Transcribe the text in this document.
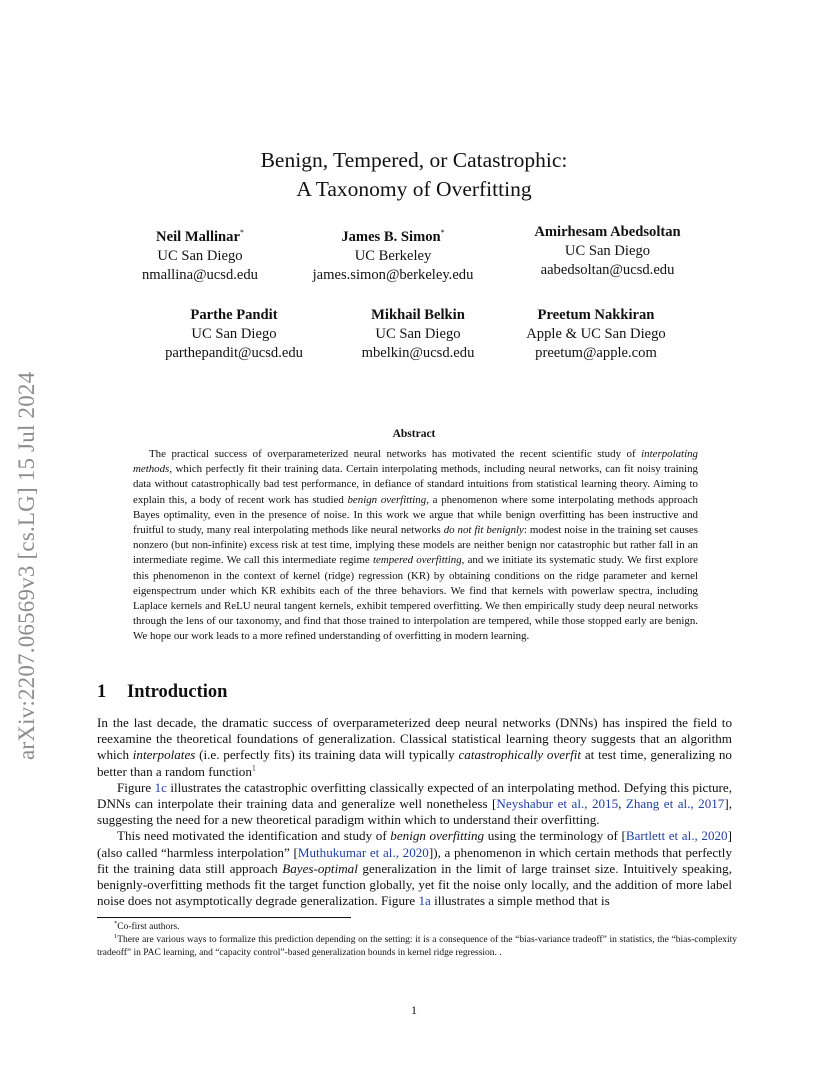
arXiv:2207.06569v3 [cs.LG] 15 Jul 2024
Benign, Tempered, or Catastrophic:
A Taxonomy of Overfitting
Neil Mallinar*
UC San Diego
nmallina@ucsd.edu
James B. Simon*
UC Berkeley
james.simon@berkeley.edu
Amirhesam Abedsoltan
UC San Diego
aabedsoltan@ucsd.edu
Parthe Pandit
UC San Diego
parthepandit@ucsd.edu
Mikhail Belkin
UC San Diego
mbelkin@ucsd.edu
Preetum Nakkiran
Apple & UC San Diego
preetum@apple.com
Abstract

The practical success of overparameterized neural networks has motivated the recent scientific study of interpolating methods, which perfectly fit their training data. Certain interpolating methods, including neural networks, can fit noisy training data without catastrophically bad test performance, in defiance of standard intuitions from statistical learning theory. Aiming to explain this, a body of recent work has studied benign overfitting, a phenomenon where some interpolating methods approach Bayes optimality, even in the presence of noise. In this work we argue that while benign overfitting has been instructive and fruitful to study, many real interpolating methods like neural networks do not fit benignly: modest noise in the training set causes nonzero (but non-infinite) excess risk at test time, implying these models are neither benign nor catastrophic but rather fall in an intermediate regime. We call this intermediate regime tempered overfitting, and we initiate its systematic study. We first explore this phenomenon in the context of kernel (ridge) regression (KR) by obtaining conditions on the ridge parameter and kernel eigenspectrum under which KR exhibits each of the three behaviors. We find that kernels with powerlaw spectra, including Laplace kernels and ReLU neural tangent kernels, exhibit tempered overfitting. We then empirically study deep neural networks through the lens of our taxonomy, and find that those trained to interpolation are tempered, while those stopped early are benign. We hope our work leads to a more refined understanding of overfitting in modern learning.

1 Introduction

In the last decade, the dramatic success of overparameterized deep neural networks (DNNs) has inspired the field to reexamine the theoretical foundations of generalization. Classical statistical learning theory suggests that an algorithm which interpolates (i.e. perfectly fits) its training data will typically catastrophically overfit at test time, generalizing no better than a random function$^1$

Figure 1c illustrates the catastrophic overfitting classically expected of an interpolating method. Defying this picture, DNNs can interpolate their training data and generalize well nonetheless [Neyshabur et al., 2015, Zhang et al., 2017], suggesting the need for a new theoretical paradigm within which to understand their overfitting.

This need motivated the identification and study of benign overfitting using the terminology of [Bartlett et al., 2020] (also called “harmless interpolation” [Muthukumar et al., 2020]), a phenomenon in which certain methods that perfectly fit the training data still approach Bayes-optimal generalization in the limit of large trainset size. Intuitively speaking, benignly-overfitting methods fit the target function globally, yet fit the noise only locally, and the addition of more label noise does not asymptotically degrade generalization. Figure 1a illustrates a simple method that is

*Co-first authors.
$^1$There are various ways to formalize this prediction depending on the setting: it is a consequence of the “bias-variance tradeoff” in statistics, the “bias-complexity tradeoff” in PAC learning, and “capacity control”-based generalization bounds in kernel ridge regression. .
1
